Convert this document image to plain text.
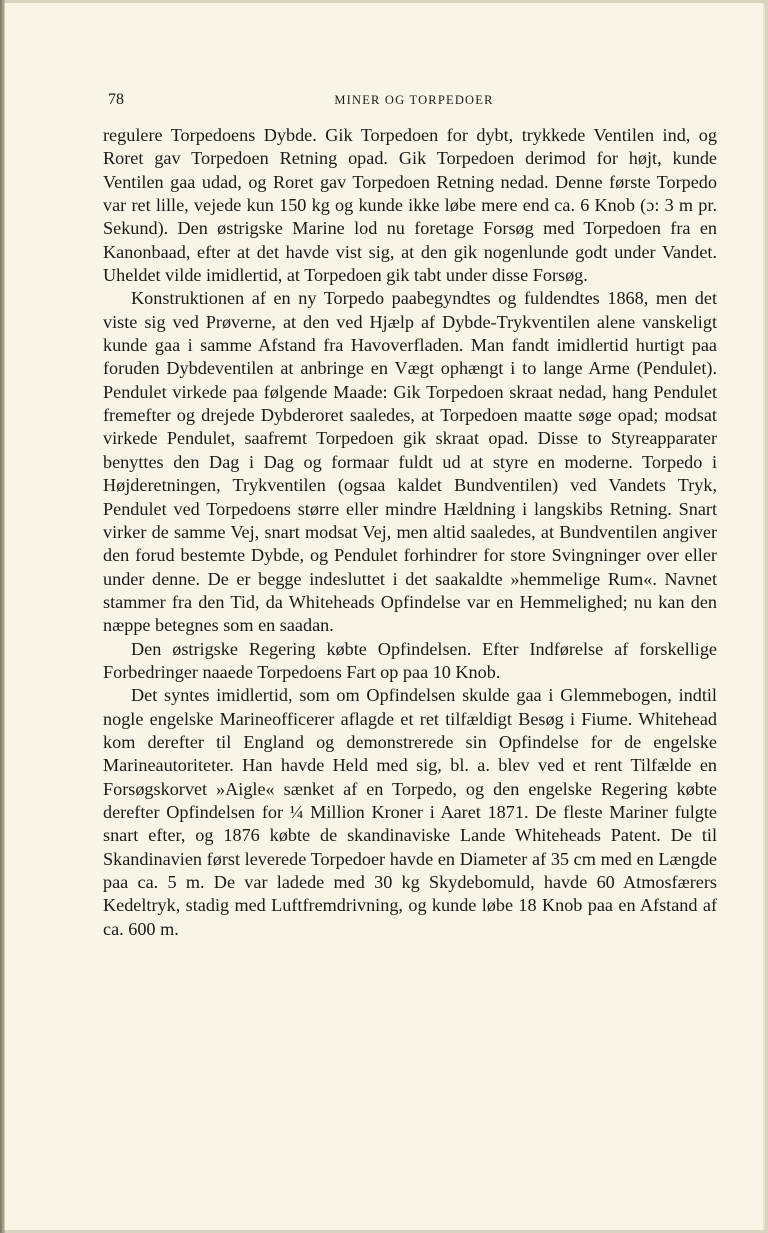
78	MINER OG TORPEDOER

regulere Torpedoens Dybde. Gik Torpedoen for dybt, trykkede Ventilen ind, og Roret gav Torpedoen Retning opad. Gik Torpedoen derimod for højt, kunde Ventilen gaa udad, og Roret gav Torpedoen Retning nedad. Denne første Torpedo var ret lille, vejede kun 150 kg og kunde ikke løbe mere end ca. 6 Knob (ɔ: 3 m pr. Sekund). Den østrigske Marine lod nu foretage Forsøg med Torpedoen fra en Kanonbaad, efter at det havde vist sig, at den gik nogenlunde godt under Vandet. Uheldet vilde imidlertid, at Torpedoen gik tabt under disse Forsøg.

Konstruktionen af en ny Torpedo paabegyndtes og fuldendtes 1868, men det viste sig ved Prøverne, at den ved Hjælp af Dybde-Trykventilen alene vanskeligt kunde gaa i samme Afstand fra Havoverfladen. Man fandt imidlertid hurtigt paa foruden Dybdeventilen at anbringe en Vægt ophængt i to lange Arme (Pendulet). Pendulet virkede paa følgende Maade: Gik Torpedoen skraat nedad, hang Pendulet fremefter og drejede Dybderoret saaledes, at Torpedoen maatte søge opad; modsat virkede Pendulet, saafremt Torpedoen gik skraat opad. Disse to Styreapparater benyttes den Dag i Dag og formaar fuldt ud at styre en moderne. Torpedo i Højderetningen, Trykventilen (ogsaa kaldet Bundventilen) ved Vandets Tryk, Pendulet ved Torpedoens større eller mindre Hældning i langskibs Retning. Snart virker de samme Vej, snart modsat Vej, men altid saaledes, at Bundventilen angiver den forud bestemte Dybde, og Pendulet forhindrer for store Svingninger over eller under denne. De er begge indesluttet i det saakaldte »hemmelige Rum«. Navnet stammer fra den Tid, da Whiteheads Opfindelse var en Hemmelighed; nu kan den næppe betegnes som en saadan.

Den østrigske Regering købte Opfindelsen. Efter Indførelse af forskellige Forbedringer naaede Torpedoens Fart op paa 10 Knob.

Det syntes imidlertid, som om Opfindelsen skulde gaa i Glemmebogen, indtil nogle engelske Marineofficerer aflagde et ret tilfældigt Besøg i Fiume. Whitehead kom derefter til England og demonstrerede sin Opfindelse for de engelske Marineautoriteter. Han havde Held med sig, bl. a. blev ved et rent Tilfælde en Forsøgskorvet »Aigle« sænket af en Torpedo, og den engelske Regering købte derefter Opfindelsen for ¼ Million Kroner i Aaret 1871. De fleste Mariner fulgte snart efter, og 1876 købte de skandinaviske Lande Whiteheads Patent. De til Skandinavien først leverede Torpedoer havde en Diameter af 35 cm med en Længde paa ca. 5 m. De var ladede med 30 kg Skydebomuld, havde 60 Atmosfærers Kedeltryk, stadig med Luftfremdrivning, og kunde løbe 18 Knob paa en Afstand af ca. 600 m.
